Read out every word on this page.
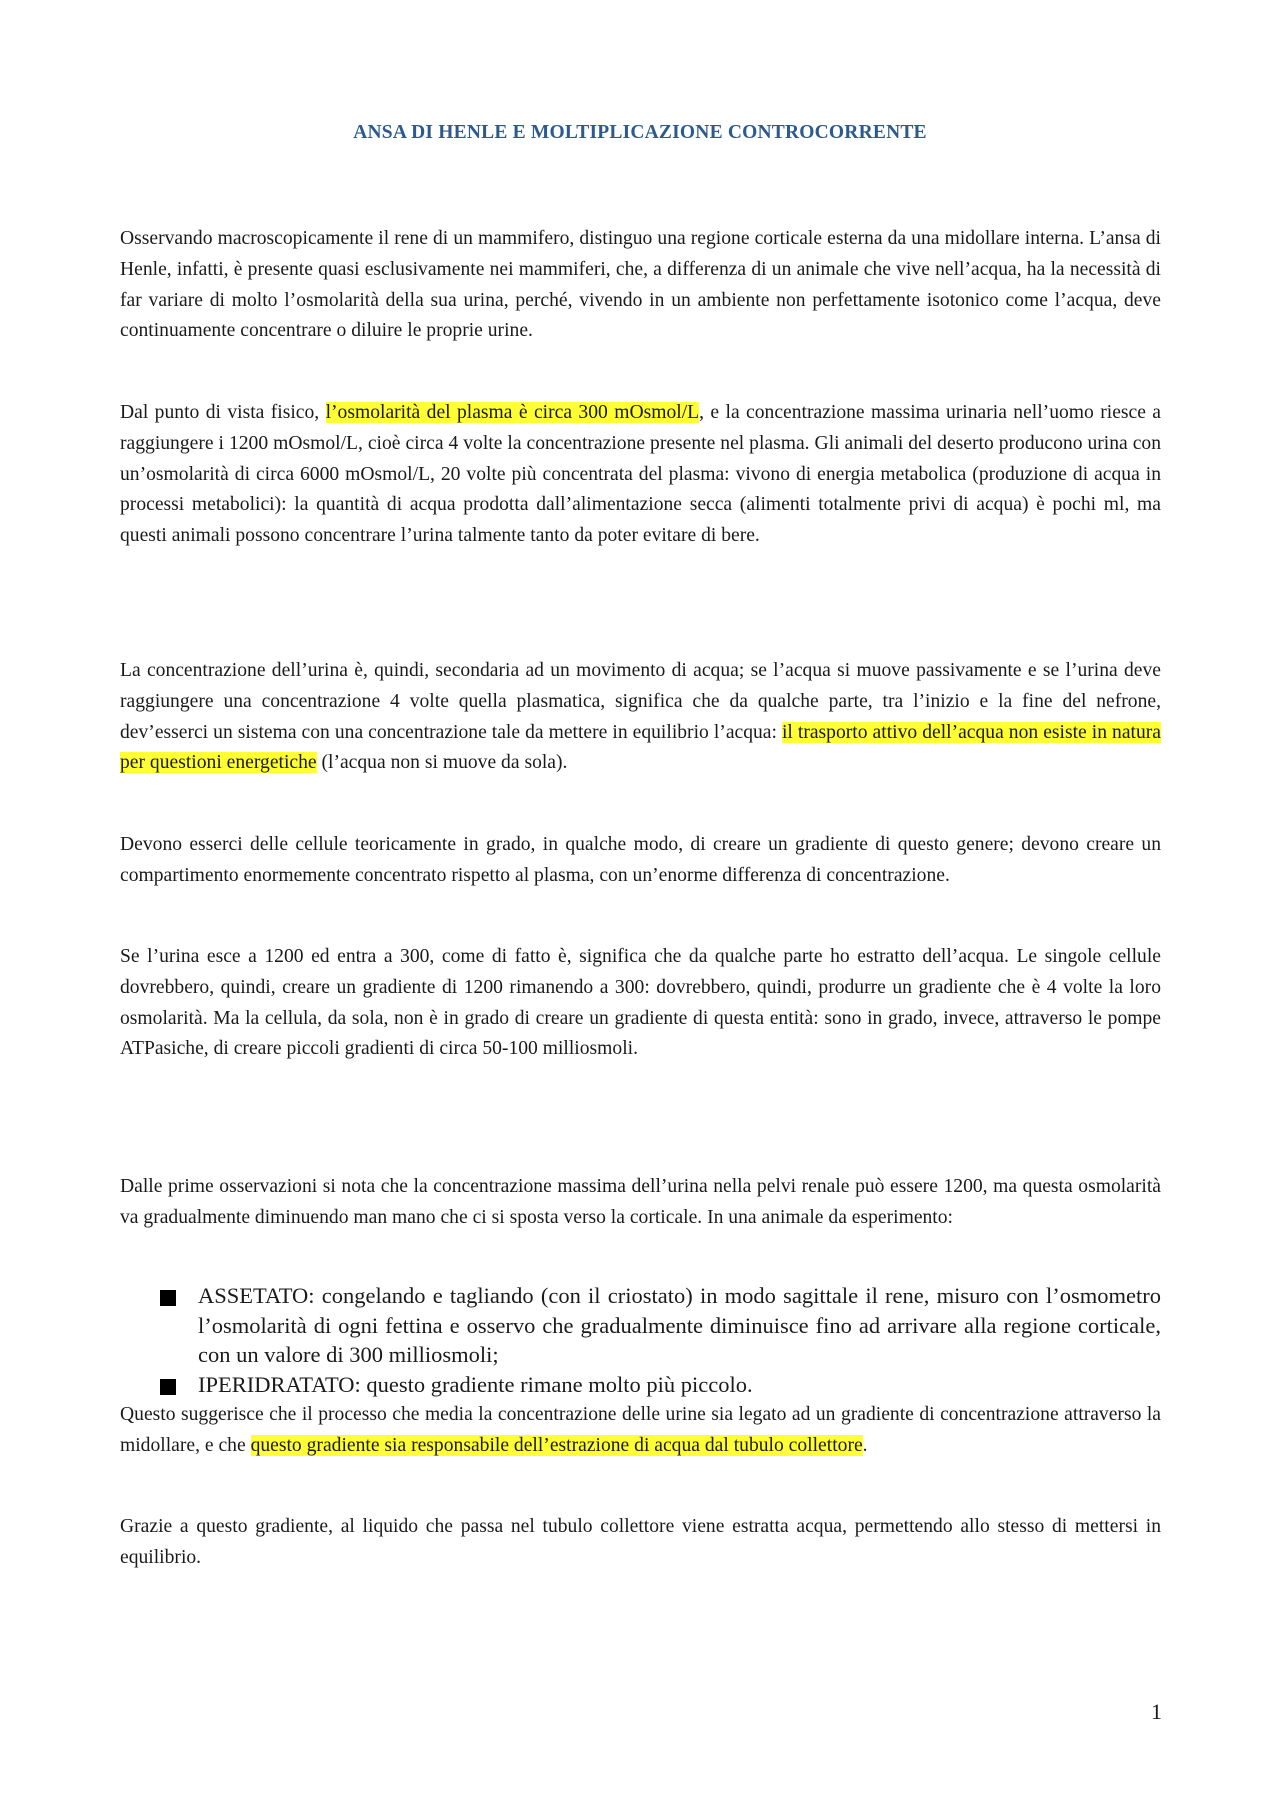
ANSA DI HENLE E MOLTIPLICAZIONE CONTROCORRENTE

Osservando macroscopicamente il rene di un mammifero, distinguo una regione corticale esterna da una midollare interna. L’ansa di Henle, infatti, è presente quasi esclusivamente nei mammiferi, che, a differenza di un animale che vive nell’acqua, ha la necessità di far variare di molto l’osmolarità della sua urina, perché, vivendo in un ambiente non perfettamente isotonico come l’acqua, deve continuamente concentrare o diluire le proprie urine.

Dal punto di vista fisico, l’osmolarità del plasma è circa 300 mOsmol/L, e la concentrazione massima urinaria nell’uomo riesce a raggiungere i 1200 mOsmol/L, cioè circa 4 volte la concentrazione presente nel plasma. Gli animali del deserto producono urina con un’osmolarità di circa 6000 mOsmol/L, 20 volte più concentrata del plasma: vivono di energia metabolica (produzione di acqua in processi metabolici): la quantità di acqua prodotta dall’alimentazione secca (alimenti totalmente privi di acqua) è pochi ml, ma questi animali possono concentrare l’urina talmente tanto da poter evitare di bere.

La concentrazione dell’urina è, quindi, secondaria ad un movimento di acqua; se l’acqua si muove passivamente e se l’urina deve raggiungere una concentrazione 4 volte quella plasmatica, significa che da qualche parte, tra l’inizio e la fine del nefrone, dev’esserci un sistema con una concentrazione tale da mettere in equilibrio l’acqua: il trasporto attivo dell’acqua non esiste in natura per questioni energetiche (l’acqua non si muove da sola).

Devono esserci delle cellule teoricamente in grado, in qualche modo, di creare un gradiente di questo genere; devono creare un compartimento enormemente concentrato rispetto al plasma, con un’enorme differenza di concentrazione.

Se l’urina esce a 1200 ed entra a 300, come di fatto è, significa che da qualche parte ho estratto dell’acqua. Le singole cellule dovrebbero, quindi, creare un gradiente di 1200 rimanendo a 300: dovrebbero, quindi, produrre un gradiente che è 4 volte la loro osmolarità. Ma la cellula, da sola, non è in grado di creare un gradiente di questa entità: sono in grado, invece, attraverso le pompe ATPasiche, di creare piccoli gradienti di circa 50-100 milliosmoli.

Dalle prime osservazioni si nota che la concentrazione massima dell’urina nella pelvi renale può essere 1200, ma questa osmolarità va gradualmente diminuendo man mano che ci si sposta verso la corticale. In una animale da esperimento:

ASSETATO: congelando e tagliando (con il criostato) in modo sagittale il rene, misuro con l’osmometro l’osmolarità di ogni fettina e osservo che gradualmente diminuisce fino ad arrivare alla regione corticale, con un valore di 300 milliosmoli;
IPERIDRATATO: questo gradiente rimane molto più piccolo.

Questo suggerisce che il processo che media la concentrazione delle urine sia legato ad un gradiente di concentrazione attraverso la midollare, e che questo gradiente sia responsabile dell’estrazione di acqua dal tubulo collettore.

Grazie a questo gradiente, al liquido che passa nel tubulo collettore viene estratta acqua, permettendo allo stesso di mettersi in equilibrio.

1
